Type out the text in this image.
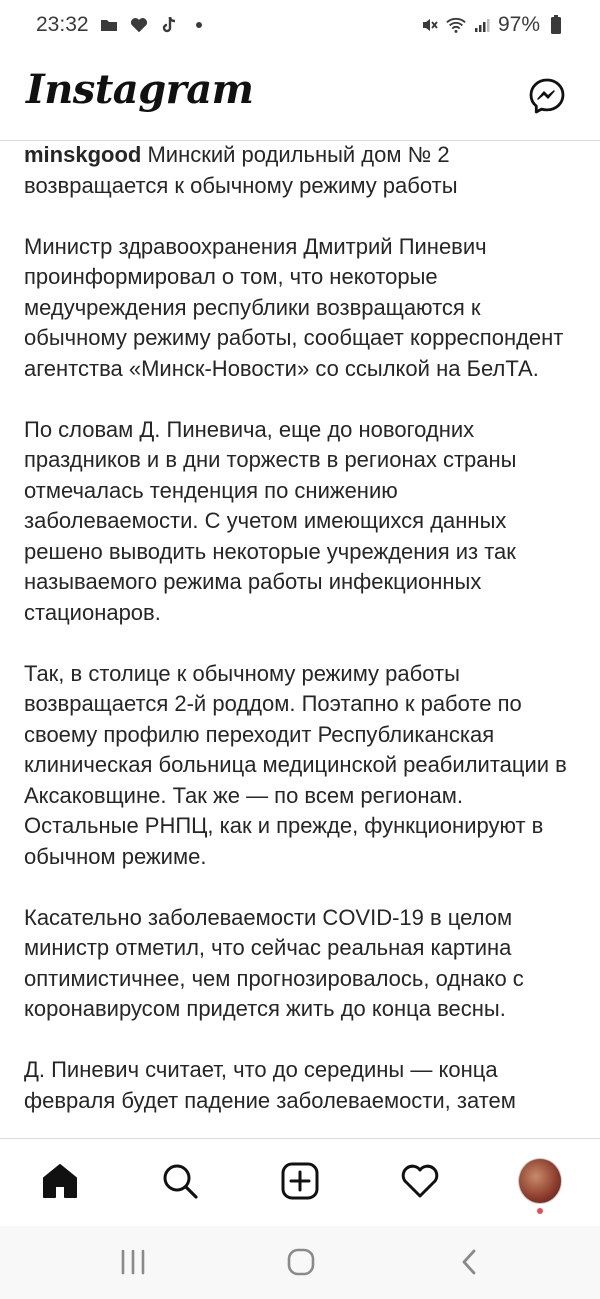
23:32	97%
Instagram

minskgood Минский родильный дом № 2 возвращается к обычному режиму работы

Министр здравоохранения Дмитрий Пиневич проинформировал о том, что некоторые медучреждения республики возвращаются к обычному режиму работы, сообщает корреспондент агентства «Минск-Новости» со ссылкой на БелТА.

По словам Д. Пиневича, еще до новогодних праздников и в дни торжеств в регионах страны отмечалась тенденция по снижению заболеваемости. С учетом имеющихся данных решено выводить некоторые учреждения из так называемого режима работы инфекционных стационаров.

Так, в столице к обычному режиму работы возвращается 2-й роддом. Поэтапно к работе по своему профилю переходит Республиканская клиническая больница медицинской реабилитации в Аксаковщине. Так же — по всем регионам. Остальные РНПЦ, как и прежде, функционируют в обычном режиме.

Касательно заболеваемости COVID-19 в целом министр отметил, что сейчас реальная картина оптимистичнее, чем прогнозировалось, однако с коронавирусом придется жить до конца весны.

Д. Пиневич считает, что до середины — конца февраля будет падение заболеваемости, затем
